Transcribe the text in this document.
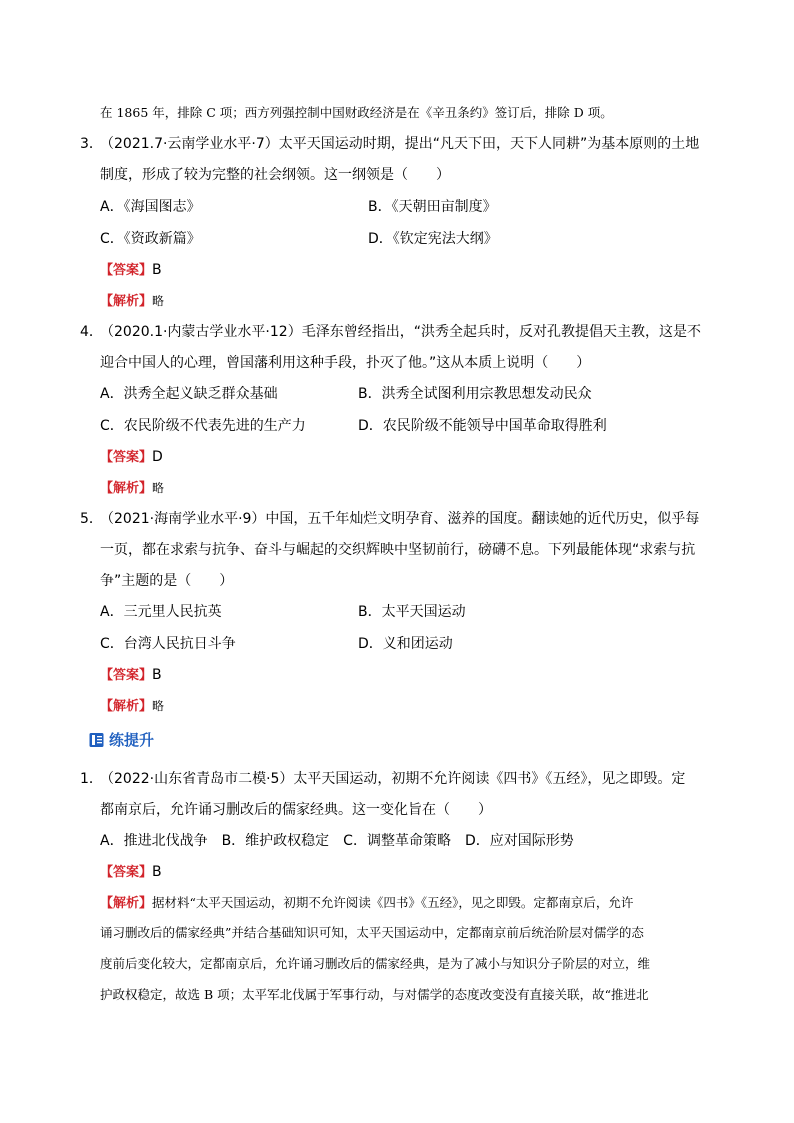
在 1865 年，排除 C 项；西方列强控制中国财政经济是在《辛丑条约》签订后，排除 D 项。
3．
（2021.7·云南学业水平·7）太平天国运动时期，提出“凡天下田，天下人同耕”为基本原则的土地
制度，形成了较为完整的社会纲领。这一纲领是（　　）
A．《海国图志》	B．《天朝田亩制度》
C．《资政新篇》	D．《钦定宪法大纲》
【答案】B
【解析】略
4．
（2020.1·内蒙古学业水平·12）毛泽东曾经指出，“洪秀全起兵时，反对孔教提倡天主教，这是不
迎合中国人的心理，曾国藩利用这种手段，扑灭了他。”这从本质上说明（　　）
A．洪秀全起义缺乏群众基础	B．洪秀全试图利用宗教思想发动民众
C．农民阶级不代表先进的生产力	D．农民阶级不能领导中国革命取得胜利
【答案】D
【解析】略
5．
（2021·海南学业水平·9）中国，五千年灿烂文明孕育、滋养的国度。翻读她的近代历史，似乎每
一页，都在求索与抗争、奋斗与崛起的交织辉映中坚韧前行，磅礴不息。下列最能体现“求索与抗
争”主题的是（　　）
A．三元里人民抗英	B．太平天国运动
C．台湾人民抗日斗争	D．义和团运动
【答案】B
【解析】略
练提升
1．
（2022·山东省青岛市二模·5）太平天国运动，初期不允许阅读《四书》《五经》，见之即毁。定
都南京后，允许诵习删改后的儒家经典。这一变化旨在（　　）
A．推进北伐战争　B．维护政权稳定　C．调整革命策略　D．应对国际形势
【答案】B
【解析】据材料“太平天国运动，初期不允许阅读《四书》《五经》，见之即毁。定都南京后，允许
诵习删改后的儒家经典”并结合基础知识可知，太平天国运动中，定都南京前后统治阶层对儒学的态
度前后变化较大，定都南京后，允许诵习删改后的儒家经典，是为了减小与知识分子阶层的对立，维
护政权稳定，故选 B 项；太平军北伐属于军事行动，与对儒学的态度改变没有直接关联，故“推进北
